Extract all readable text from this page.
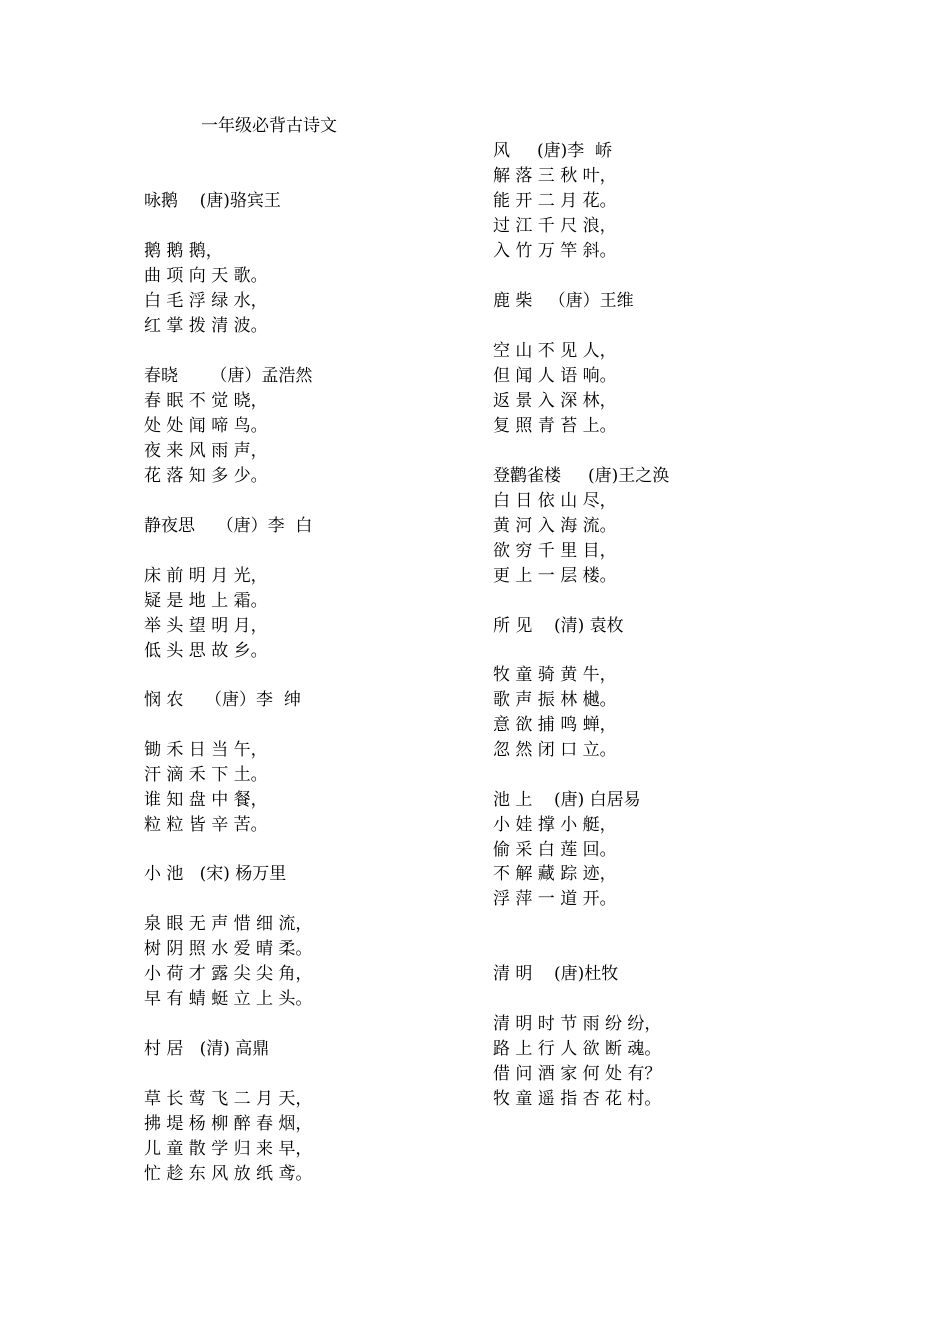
一年级必背古诗文
咏鹅    (唐)骆宾王
鹅 鹅 鹅，
曲 项 向 天 歌。
白 毛 浮 绿 水，
红 掌 拨 清 波。
春晓      （唐）孟浩然
春 眠 不 觉 晓，
处 处 闻 啼 鸟。
夜 来 风 雨 声，
花 落 知 多 少。
静夜思    （唐）李  白
床 前 明 月 光，
疑 是 地 上 霜。
举 头 望 明 月，
低 头 思 故 乡。
悯 农    （唐）李  绅
锄 禾 日 当 午，
汗 滴 禾 下 土。
谁 知 盘 中 餐，
粒 粒 皆 辛 苦。
小 池   (宋) 杨万里
泉 眼 无 声 惜 细 流，
树 阴 照 水 爱 晴 柔。
小 荷 才 露 尖 尖 角，
早 有 蜻 蜓 立 上 头。
村 居   (清) 高鼎
草 长 莺 飞 二 月 天，
拂 堤 杨 柳 醉 春 烟，
儿 童 散 学 归 来 早，
忙 趁 东 风 放 纸 鸢。
风     (唐)李  峤
解 落 三 秋 叶，
能 开 二 月 花。
过 江 千 尺 浪，
入 竹 万 竿 斜。
鹿 柴   （唐）王维
空 山 不 见 人，
但 闻 人 语 响。
返 景 入 深 林，
复 照 青 苔 上。
登鹳雀楼     (唐)王之涣
白 日 依 山 尽，
黄 河 入 海 流。
欲 穷 千 里 目，
更 上 一 层 楼。
所 见    (清) 袁枚
牧 童 骑 黄 牛，
歌 声 振 林 樾。
意 欲 捕 鸣 蝉，
忽 然 闭 口 立。
池 上    (唐) 白居易
小 娃 撑 小 艇，
偷 采 白 莲 回。
不 解 藏 踪 迹，
浮 萍 一 道 开。
清 明    (唐)杜牧
清 明 时 节 雨 纷 纷，
路 上 行 人 欲 断 魂。
借 问 酒 家 何 处 有？
牧 童 遥 指 杏 花 村。
